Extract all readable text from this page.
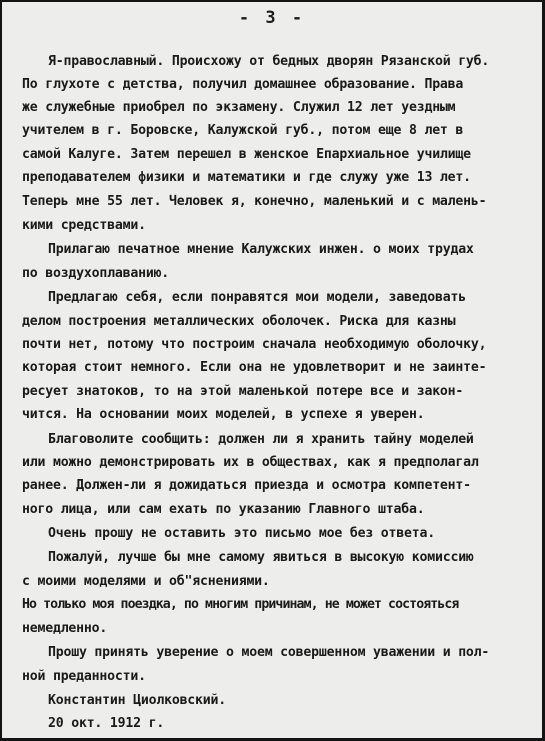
- 3 -
Я-православный. Происхожу от бедных дворян Рязанской губ.
По глухоте с детства, получил домашнее образование. Права
же служебные приобрел по экзамену. Служил 12 лет уездным
учителем в г. Боровске, Калужской губ., потом еще 8 лет в
самой Калуге. Затем перешел в женское Епархиальное училище
преподавателем физики и математики и где служу уже 13 лет.
Теперь мне 55 лет. Человек я, конечно, маленький и с малень-
кими средствами.
Прилагаю печатное мнение Калужских инжен. о моих трудах
по воздухоплаванию.
Предлагаю себя, если понравятся мои модели, заведовать
делом построения металлических оболочек. Риска для казны
почти нет, потому что построим сначала необходимую оболочку,
которая стоит немного. Если она не удовлетворит и не заинте-
ресует знатоков, то на этой маленькой потере все и закон-
чится. На основании моих моделей, в успехе я уверен.
Благоволите сообщить: должен ли я хранить тайну моделей
или можно демонстрировать их в обществах, как я предполагал
ранее. Должен-ли я дожидаться приезда и осмотра компетент-
ного лица, или сам ехать по указанию Главного штаба.
Очень прошу не оставить это письмо мое без ответа.
Пожалуй, лучше бы мне самому явиться в высокую комиссию
с моими моделями и об"яснениями.
Но только моя поездка, по многим причинам, не может состояться
немедленно.
Прошу принять уверение о моем совершенном уважении и пол-
ной преданности.
Константин Циолковский.
20 окт. 1912 г.
